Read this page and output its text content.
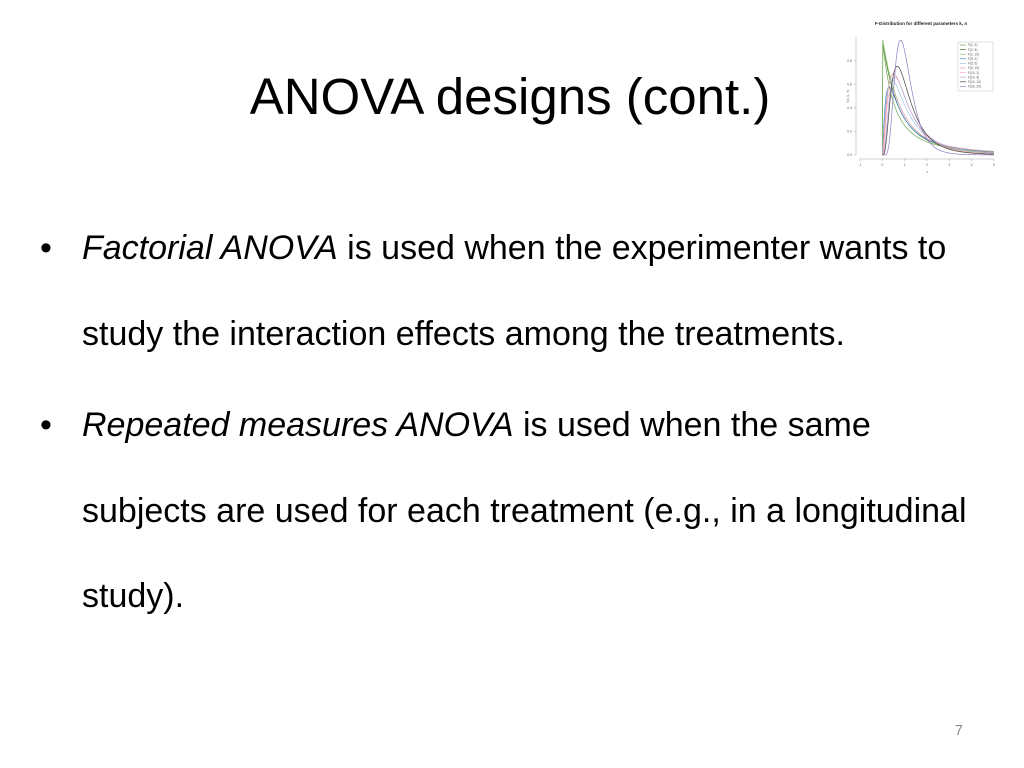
ANOVA designs (cont.)
F-Distribution for different parameters k, n
-1	0	1	2	3	4	5
0.0
0.2
0.4
0.6
0.8
x
f(x; k, n)
F(2, 2)
F(2, 5)
F(2, 10)
F(5, 2)
F(5, 5)
F(5, 10)
F(10, 2)
F(10, 5)
F(10, 10)
F(20, 20)
• Factorial ANOVA is used when the experimenter wants to study the interaction effects among the treatments.
• Repeated measures ANOVA is used when the same subjects are used for each treatment (e.g., in a longitudinal study).
7
